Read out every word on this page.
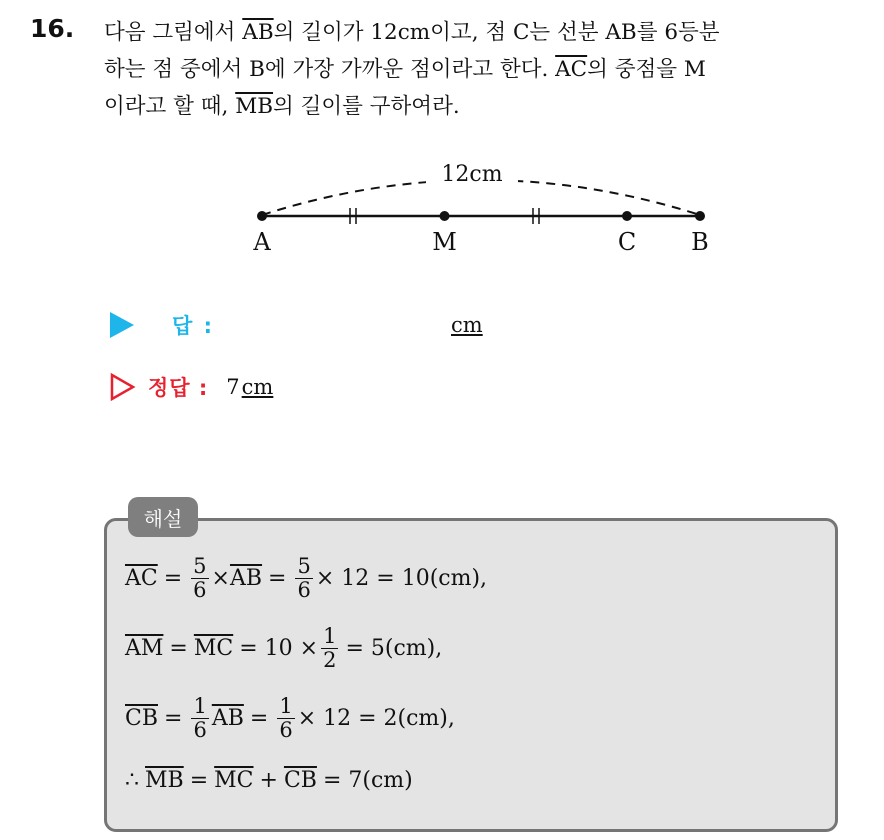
16. 다음 그림에서 $\overline{AB}$의 길이가 12cm이고, 점 C는 선분 AB를 6등분
하는 점 중에서 B에 가장 가까운 점이라고 한다. $\overline{AC}$의 중점을 M
이라고 할 때, $\overline{MB}$의 길이를 구하여라.
12cm
A	M	C B
답 :	cm
정답 : 7 cm
해설
$\overline{AC} = \frac{5}{6} \times \overline{AB} = \frac{5}{6} \times 12 = 10(cm)$,
$\overline{AM} = \overline{MC} = 10 \times \frac{1}{2} = 5(cm)$,
$\overline{CB} = \frac{1}{6} \overline{AB} = \frac{1}{6} \times 12 = 2(cm)$,
∴ $\overline{MB} = \overline{MC} + \overline{CB} = 7(cm)$
